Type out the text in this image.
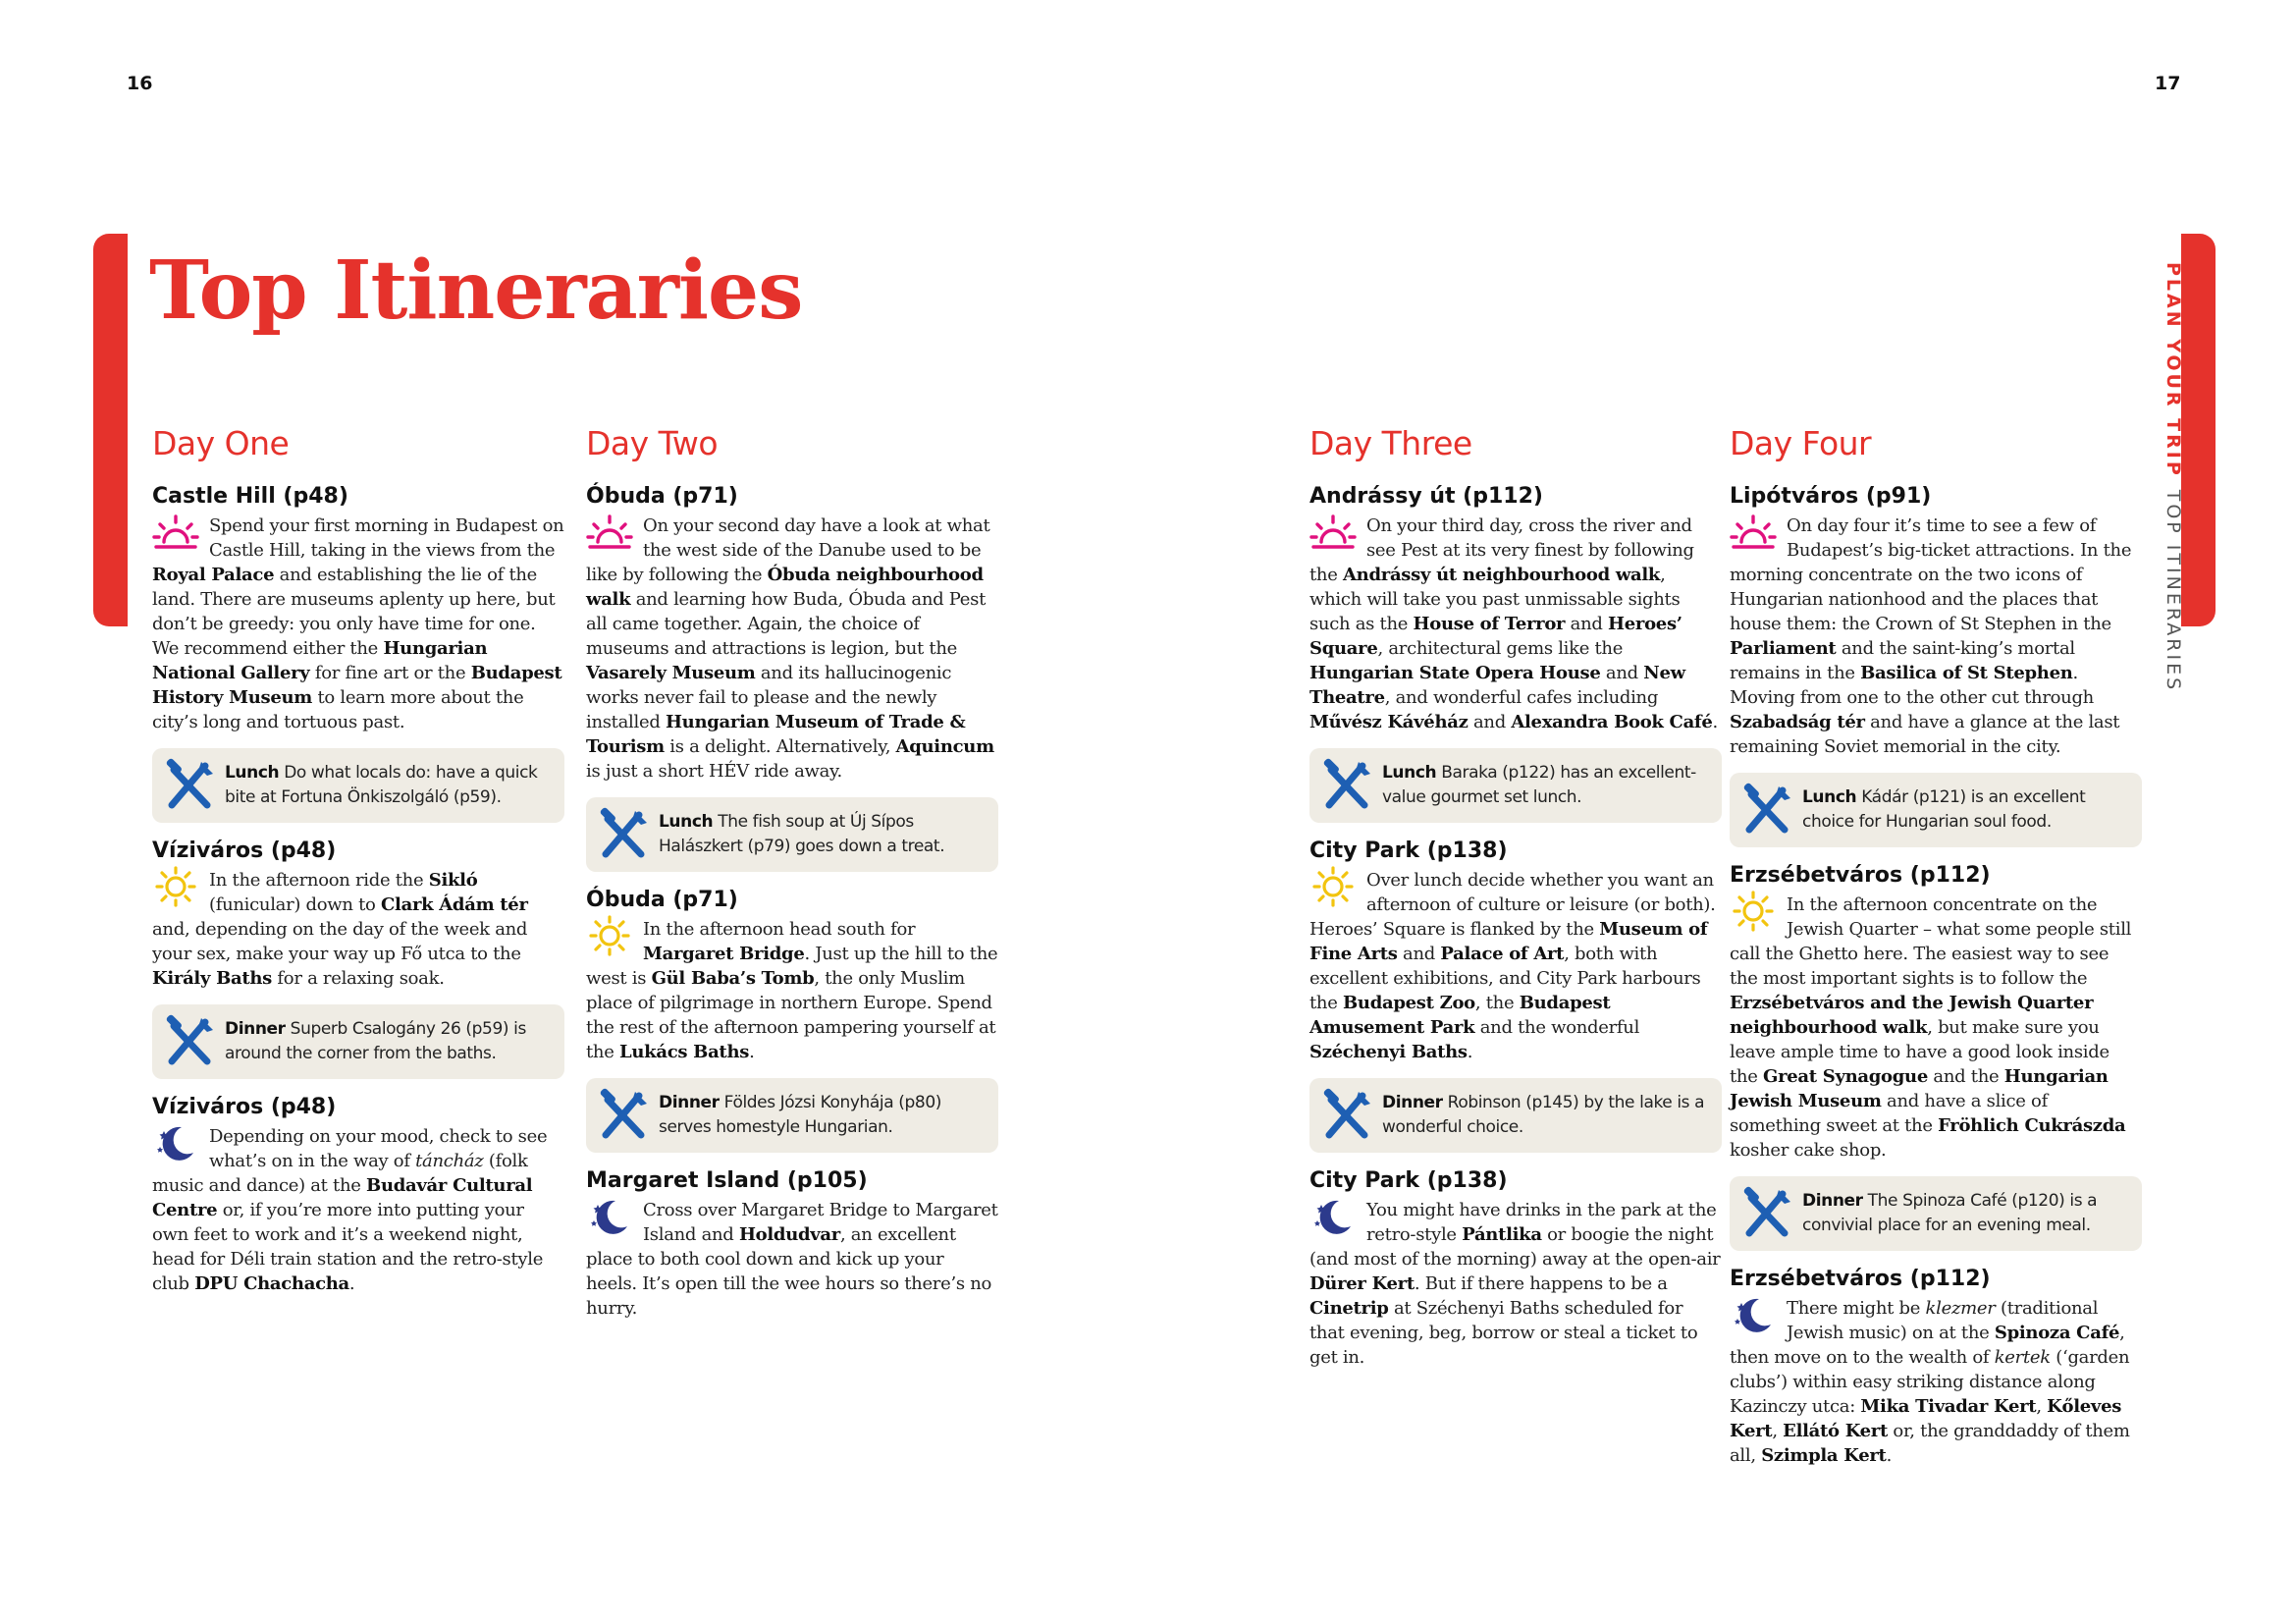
16	17
PLAN YOUR TRIPTOP ITINERARIES
Top Itineraries
Day One
Castle Hill (p48)
Spend your first morning in Budapest on Castle Hill, taking in the views from the Royal Palace and establishing the lie of the land. There are museums aplenty up here, but don’t be greedy: you only have time for one. We recommend either the Hungarian National Gallery for fine art or the Budapest History Museum to learn more about the city’s long and tortuous past.
Lunch Do what locals do: have a quick bite at Fortuna Önkiszolgáló (p59).
Víziváros (p48)
In the afternoon ride the Sikló (funicular) down to Clark Ádám tér and, depending on the day of the week and your sex, make your way up Fő utca to the Király Baths for a relaxing soak.
Dinner Superb Csalogány 26 (p59) is around the corner from the baths.
Víziváros (p48)
Depending on your mood, check to see what’s on in the way of táncház (folk music and dance) at the Budavár Cultural Centre or, if you’re more into putting your own feet to work and it’s a weekend night, head for Déli train station and the retro-style club DPU Chachacha.
Day Two
Óbuda (p71)
On your second day have a look at what the west side of the Danube used to be like by following the Óbuda neighbourhood walk and learning how Buda, Óbuda and Pest all came together. Again, the choice of museums and attractions is legion, but the Vasarely Museum and its hallucinogenic works never fail to please and the newly installed Hungarian Museum of Trade & Tourism is a delight. Alternatively, Aquincum is just a short HÉV ride away.
Lunch The fish soup at Új Sípos Halászkert (p79) goes down a treat.
Óbuda (p71)
In the afternoon head south for Margaret Bridge. Just up the hill to the west is Gül Baba’s Tomb, the only Muslim place of pilgrimage in northern Europe. Spend the rest of the afternoon pampering yourself at the Lukács Baths.
Dinner Földes Józsi Konyhája (p80) serves homestyle Hungarian.
Margaret Island (p105)
Cross over Margaret Bridge to Margaret Island and Holdudvar, an excellent place to both cool down and kick up your heels. It’s open till the wee hours so there’s no hurry.
Day Three
Andrássy út (p112)
On your third day, cross the river and see Pest at its very finest by following the Andrássy út neighbourhood walk, which will take you past unmissable sights such as the House of Terror and Heroes’ Square, architectural gems like the Hungarian State Opera House and New Theatre, and wonderful cafes including Művész Kávéház and Alexandra Book Café.
Lunch Baraka (p122) has an excellent-value gourmet set lunch.
City Park (p138)
Over lunch decide whether you want an afternoon of culture or leisure (or both). Heroes’ Square is flanked by the Museum of Fine Arts and Palace of Art, both with excellent exhibitions, and City Park harbours the Budapest Zoo, the Budapest Amusement Park and the wonderful Széchenyi Baths.
Dinner Robinson (p145) by the lake is a wonderful choice.
City Park (p138)
You might have drinks in the park at the retro-style Pántlika or boogie the night (and most of the morning) away at the open-air Dürer Kert. But if there happens to be a Cinetrip at Széchenyi Baths scheduled for that evening, beg, borrow or steal a ticket to get in.
Day Four
Lipótváros (p91)
On day four it’s time to see a few of Budapest’s big-ticket attractions. In the morning concentrate on the two icons of Hungarian nationhood and the places that house them: the Crown of St Stephen in the Parliament and the saint-king’s mortal remains in the Basilica of St Stephen. Moving from one to the other cut through Szabadság tér and have a glance at the last remaining Soviet memorial in the city.
Lunch Kádár (p121) is an excellent choice for Hungarian soul food.
Erzsébetváros (p112)
In the afternoon concentrate on the Jewish Quarter – what some people still call the Ghetto here. The easiest way to see the most important sights is to follow the Erzsébetváros and the Jewish Quarter neighbourhood walk, but make sure you leave ample time to have a good look inside the Great Synagogue and the Hungarian Jewish Museum and have a slice of something sweet at the Fröhlich Cukrászda kosher cake shop.
Dinner The Spinoza Café (p120) is a convivial place for an evening meal.
Erzsébetváros (p112)
There might be klezmer (traditional Jewish music) on at the Spinoza Café, then move on to the wealth of kertek (‘garden clubs’) within easy striking distance along Kazinczy utca: Mika Tivadar Kert, Kőleves Kert, Ellátó Kert or, the granddaddy of them all, Szimpla Kert.
